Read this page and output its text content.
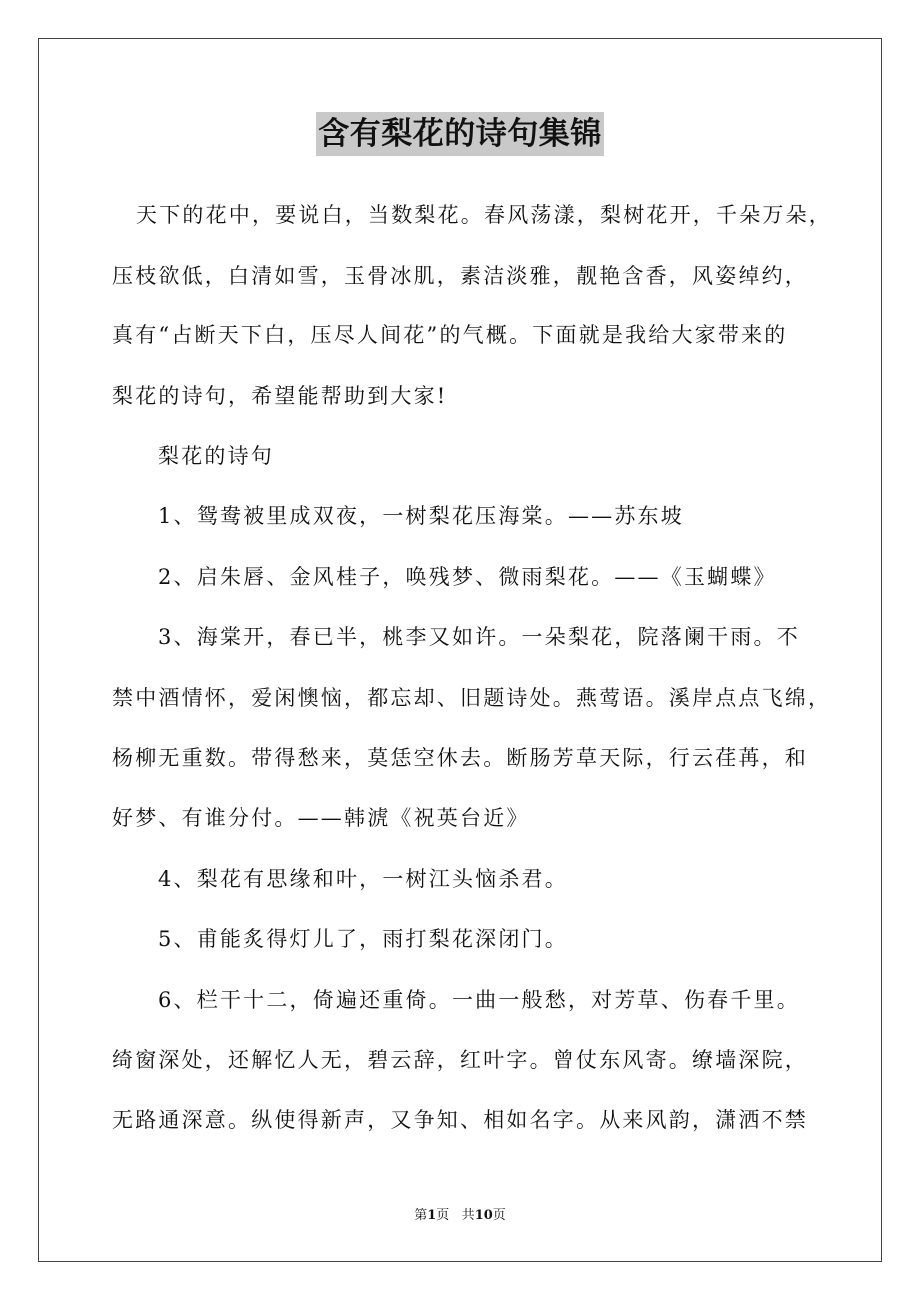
含有梨花的诗句集锦
天下的花中，要说白，当数梨花。春风荡漾，梨树花开，千朵万朵，
压枝欲低，白清如雪，玉骨冰肌，素洁淡雅，靓艳含香，风姿绰约，
真有“占断天下白，压尽人间花”的气概。下面就是我给大家带来的
梨花的诗句，希望能帮助到大家!
梨花的诗句
1、鸳鸯被里成双夜，一树梨花压海棠。——苏东坡
2、启朱唇、金风桂子，唤残梦、微雨梨花。——《玉蝴蝶》
3、海棠开，春已半，桃李又如许。一朵梨花，院落阑干雨。不
禁中酒情怀，爱闲懊恼，都忘却、旧题诗处。燕莺语。溪岸点点飞绵，
杨柳无重数。带得愁来，莫恁空休去。断肠芳草天际，行云荏苒，和
好梦、有谁分付。——韩淲《祝英台近》
4、梨花有思缘和叶，一树江头恼杀君。
5、甫能炙得灯儿了，雨打梨花深闭门。
6、栏干十二，倚遍还重倚。一曲一般愁，对芳草、伤春千里。
绮窗深处，还解忆人无，碧云辞，红叶字。曾仗东风寄。缭墙深院，
无路通深意。纵使得新声，又争知、相如名字。从来风韵，潇洒不禁
第1页 共10页
